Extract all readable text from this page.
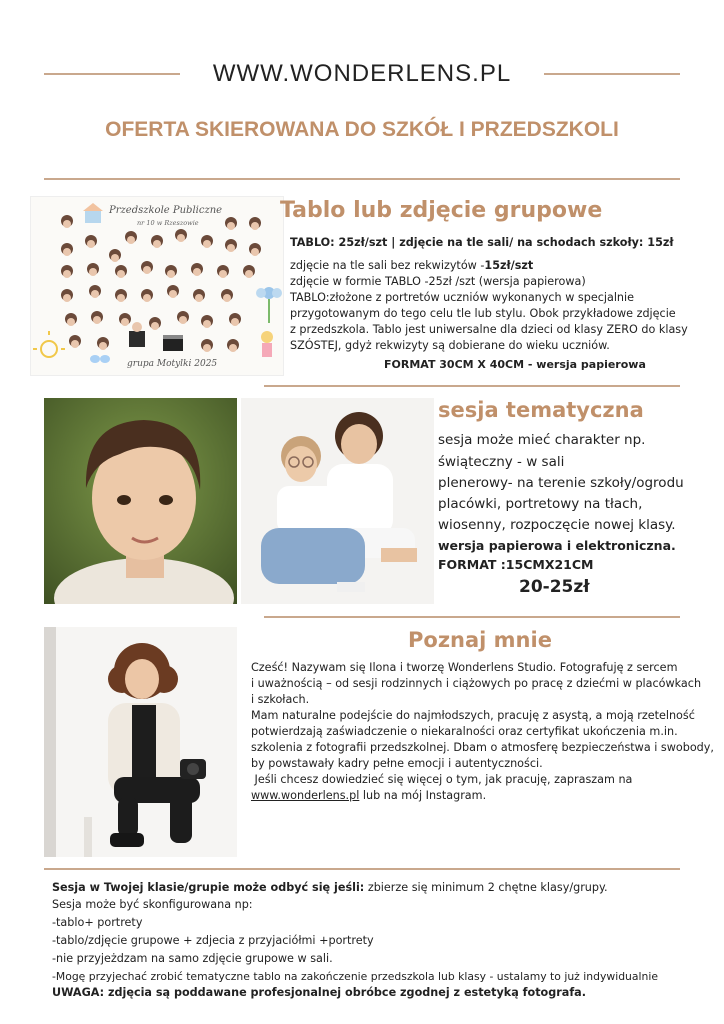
WWW.WONDERLENS.PL
OFERTA SKIEROWANA DO SZKÓŁ I PRZEDSZKOLI
Przedszkole Publiczne
nr 10 w Rzeszowie
grupa Motylki 2025
Tablo lub zdjęcie grupowe
TABLO: 25zł/szt | zdjęcie na tle sali/ na schodach szkoły: 15zł
zdjęcie na tle sali bez rekwizytów -15zł/szt
zdjęcie w formie TABLO -25zł /szt (wersja papierowa)
TABLO:złożone z portretów uczniów wykonanych w specjalnie
przygotowanym do tego celu tle lub stylu. Obok przykładowe zdjęcie
z przedszkola. Tablo jest uniwersalne dla dzieci od klasy ZERO do klasy
SZÓSTEJ, gdyż rekwizyty są dobierane do wieku uczniów.
FORMAT 30CM X 40CM - wersja papierowa
sesja tematyczna
sesja może mieć charakter np.
świąteczny - w sali
plenerowy- na terenie szkoły/ogrodu
placówki, portretowy na tłach,
wiosenny, rozpoczęcie nowej klasy.
wersja papierowa i elektroniczna.
FORMAT :15CMX21CM
20-25zł
Poznaj mnie
Cześć! Nazywam się Ilona i tworzę Wonderlens Studio. Fotografuję z sercem
i uważnością – od sesji rodzinnych i ciążowych po pracę z dziećmi w placówkach
i szkołach.
Mam naturalne podejście do najmłodszych, pracuję z asystą, a moją rzetelność
potwierdzają zaświadczenie o niekaralności oraz certyfikat ukończenia m.in.
szkolenia z fotografii przedszkolnej. Dbam o atmosferę bezpieczeństwa i swobody,
by powstawały kadry pełne emocji i autentyczności.
Jeśli chcesz dowiedzieć się więcej o tym, jak pracuję, zapraszam na
www.wonderlens.pl lub na mój Instagram.
Sesja w Twojej klasie/grupie może odbyć się jeśli: zbierze się minimum 2 chętne klasy/grupy.
Sesja może być skonfigurowana np:
-tablo+ portrety
-tablo/zdjęcie grupowe + zdjecia z przyjaciółmi +portrety
-nie przyjeżdzam na samo zdjęcie grupowe w sali.
-Mogę przyjechać zrobić tematyczne tablo na zakończenie przedszkola lub klasy - ustalamy to już indywidualnie
UWAGA: zdjęcia są poddawane profesjonalnej obróbce zgodnej z estetyką fotografa.
